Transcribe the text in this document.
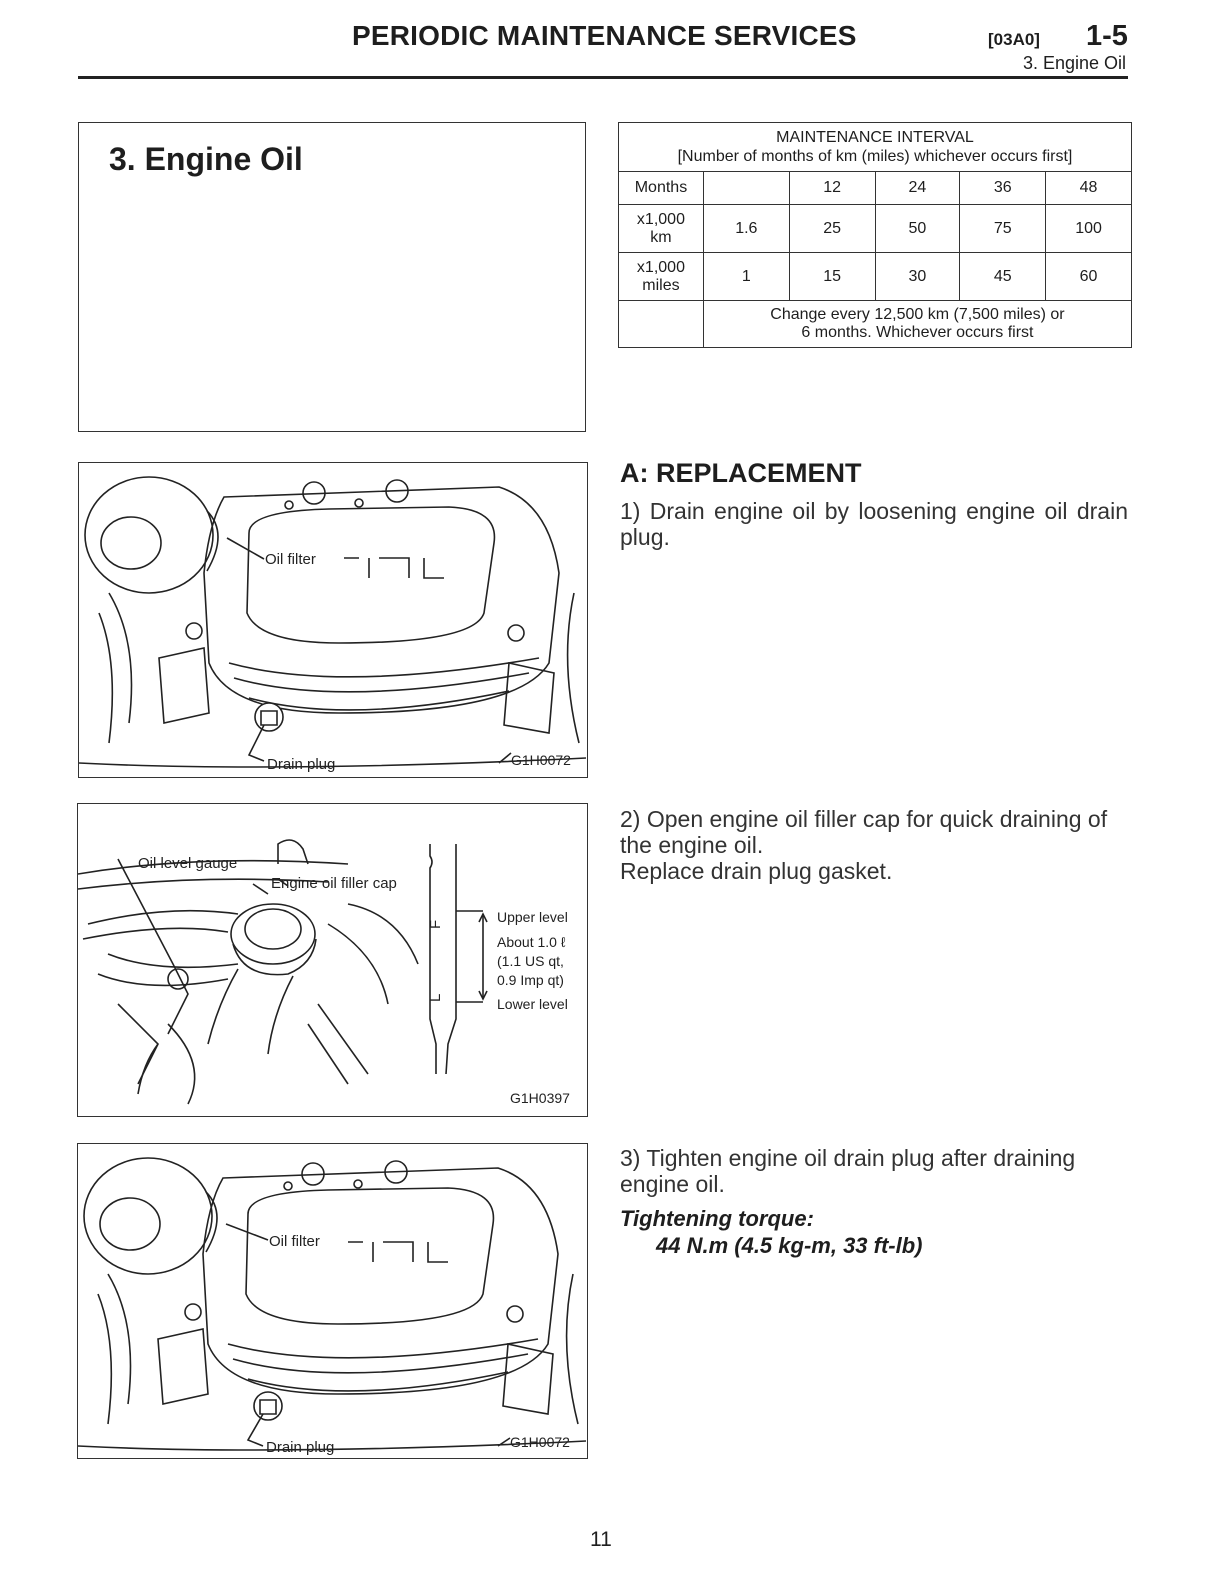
PERIODIC MAINTENANCE SERVICES	[03A0] 1-5
3. Engine Oil
3. Engine Oil
MAINTENANCE INTERVAL
[Number of months of km (miles) whichever occurs first]					

Months		12	24	36	48

x1,000
km	1.6	25	50	75	100

x1,000
miles	1	15	30	45	60

	Change every 12,500 km (7,500 miles) or
6 months. Whichever occurs first				
Oil filter
Drain plug	G1H0072
Oil level gauge
Engine oil filler cap
F
L
Upper level
About 1.0 ℓ
(1.1 US qt,
0.9 Imp qt)
Lower level
G1H0397
Oil filter
Drain plug	G1H0072
A: REPLACEMENT

1) Drain engine oil by loosening engine oil drain plug.

2) Open engine oil filler cap for quick draining of the engine oil.

Replace drain plug gasket.

3) Tighten engine oil drain plug after draining engine oil.

Tightening torque:
44 N.m (4.5 kg-m, 33 ft-lb)
11
